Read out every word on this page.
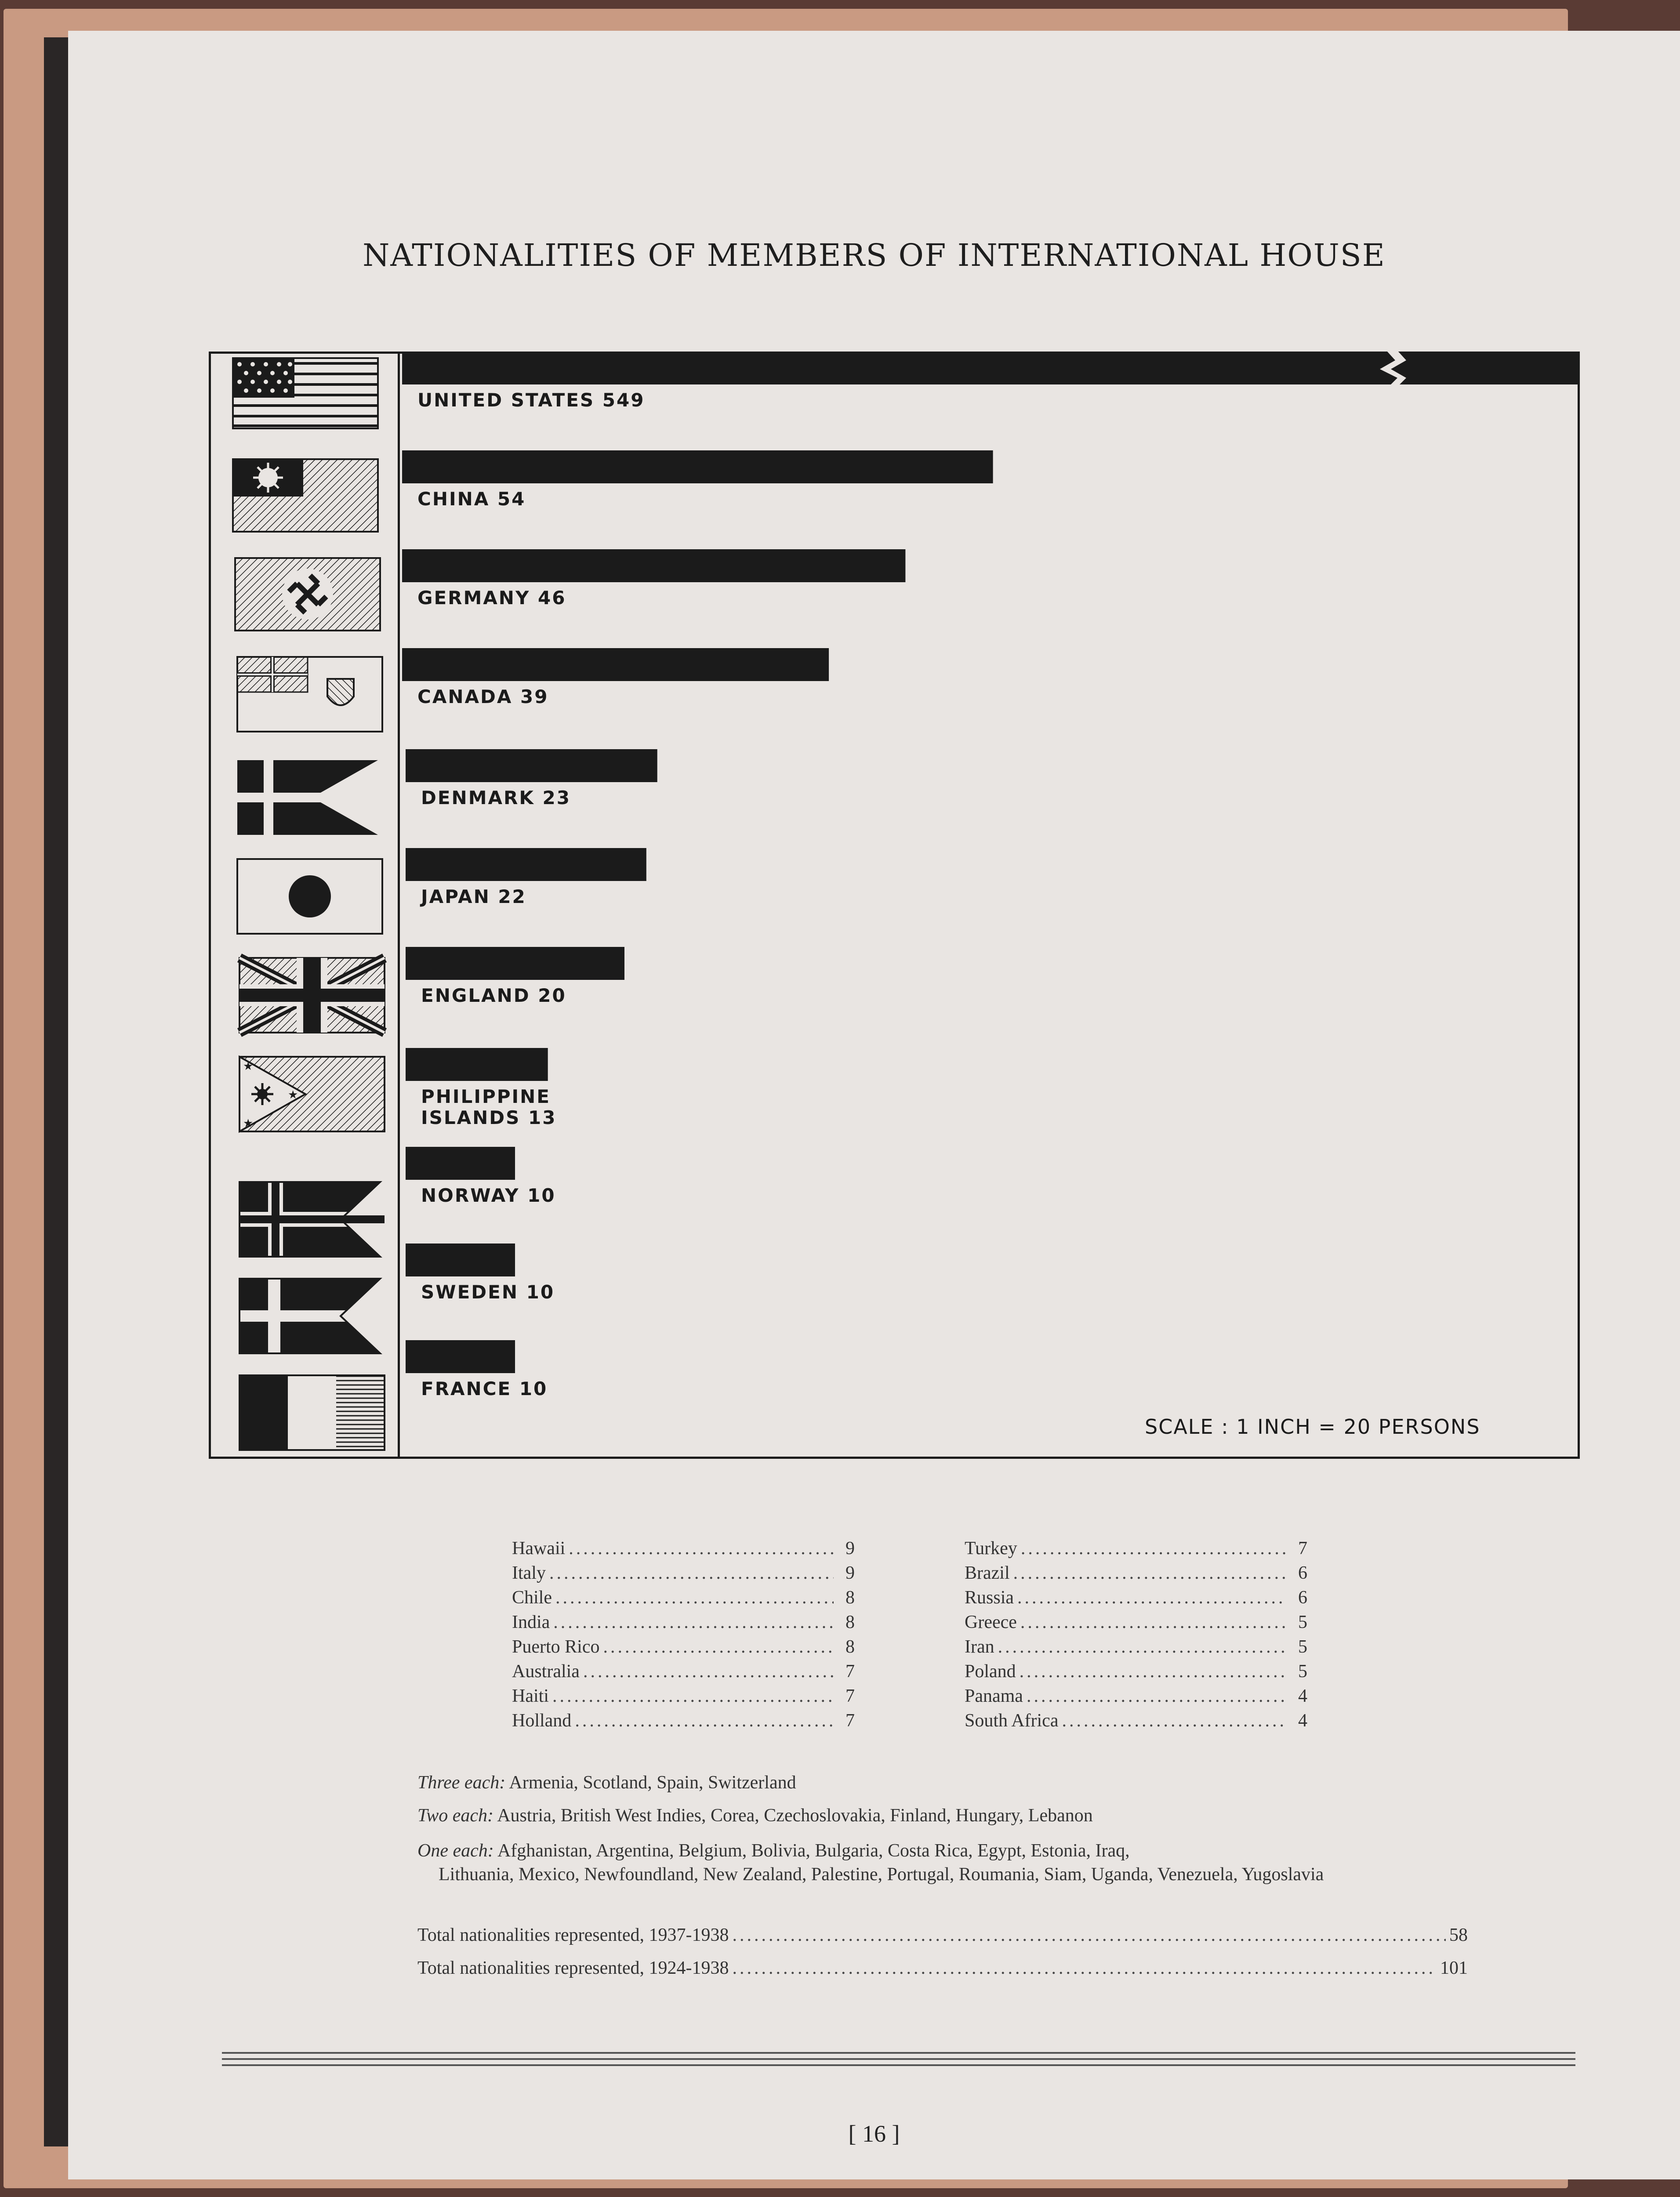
NATIONALITIES OF MEMBERS OF INTERNATIONAL HOUSE
★
★
★
UNITED STATES 549
CHINA 54
GERMANY 46
CANADA 39
DENMARK 23
JAPAN 22
ENGLAND 20
PHILIPPINE
ISLANDS 13
NORWAY 10
SWEDEN 10
FRANCE 10
SCALE : 1 INCH = 20 PERSONS
Hawaii .....	9
Italy .....	9
Chile .....	8
India .....	8
Puerto Rico .....	8
Australia .....	7
Haiti .....	7
Holland .....	7
Turkey .....	7
Brazil .....	6
Russia .....	6
Greece .....	5
Iran .....	5
Poland .....	5
Panama .....	4
South Africa .....	4
Three each: Armenia, Scotland, Spain, Switzerland
Two each: Austria, British West Indies, Corea, Czechoslovakia, Finland, Hungary, Lebanon
One each: Afghanistan, Argentina, Belgium, Bolivia, Bulgaria, Costa Rica, Egypt, Estonia, Iraq,
Lithuania, Mexico, Newfoundland, New Zealand, Palestine, Portugal, Roumania, Siam, Uganda, Venezuela, Yugoslavia
Total nationalities represented, 1937-1938 .....	58
Total nationalities represented, 1924-1938 .....	101
[ 16 ]
